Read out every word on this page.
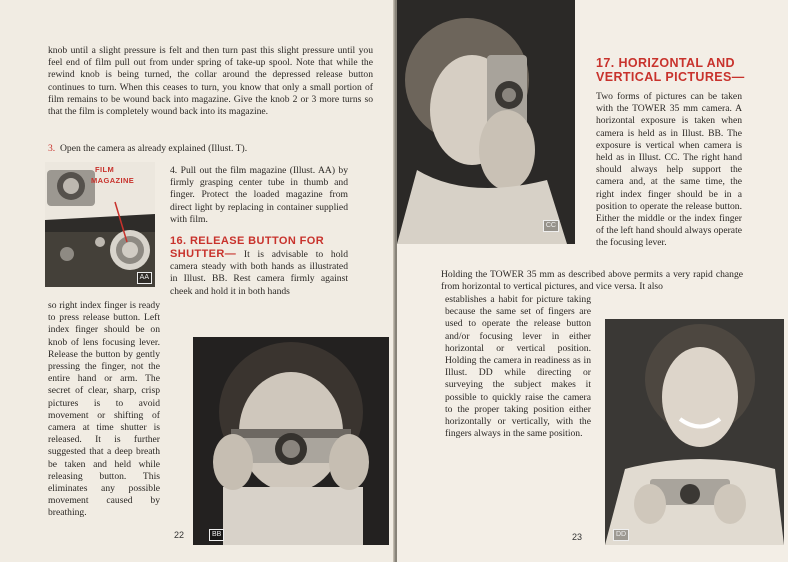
knob until a slight pressure is felt and then turn past this slight pressure until you feel end of film pull out from under spring of take-up spool. Note that while the rewind knob is being turned, the collar around the depressed release button continues to turn. When this ceases to turn, you know that only a small portion of film remains to be wound back into magazine. Give the knob 2 or 3 more turns so that the film is completely wound back into its magazine.

3. Open the camera as already explained (Illust. T).
FILM
MAGAZINE
AA
4. Pull out the film magazine (Illust. AA) by firmly grasping center tube in thumb and finger. Protect the loaded magazine from direct light by replacing in container supplied with film.
16. RELEASE BUTTON FOR
SHUTTER— It is advisable to hold camera steady with both hands as illustrated in Illust. BB. Rest camera firmly against cheek and hold it in both hands

so right index finger is ready to press release button. Left index finger should be on knob of lens focusing lever. Release the button by gently pressing the finger, not the entire hand or arm. The secret of clear, sharp, crisp pictures is to avoid movement or shifting of camera at time shutter is released. It is further suggested that a deep breath be taken and held while releasing button. This eliminates any possible movement caused by breathing.

BB
22
CC
17. HORIZONTAL AND
VERTICAL PICTURES—

Two forms of pictures can be taken with the TOWER 35 mm camera. A horizontal exposure is taken when camera is held as in Illust. BB. The exposure is vertical when camera is held as in Illust. CC. The right hand should always help support the camera and, at the same time, the right index finger should be in a position to operate the release button. Either the middle or the index finger of the left hand should always operate the focusing lever.

Holding the TOWER 35 mm as described above permits a very rapid change from horizontal to vertical pictures, and vice versa. It also

establishes a habit for picture taking because the same set of fingers are used to operate the release button and/or focusing lever in either horizontal or vertical position. Holding the camera in readiness as in Illust. DD while directing or surveying the subject makes it possible to quickly raise the camera to the proper taking position either horizontally or vertically, with the fingers always in the same position.

DD
23
